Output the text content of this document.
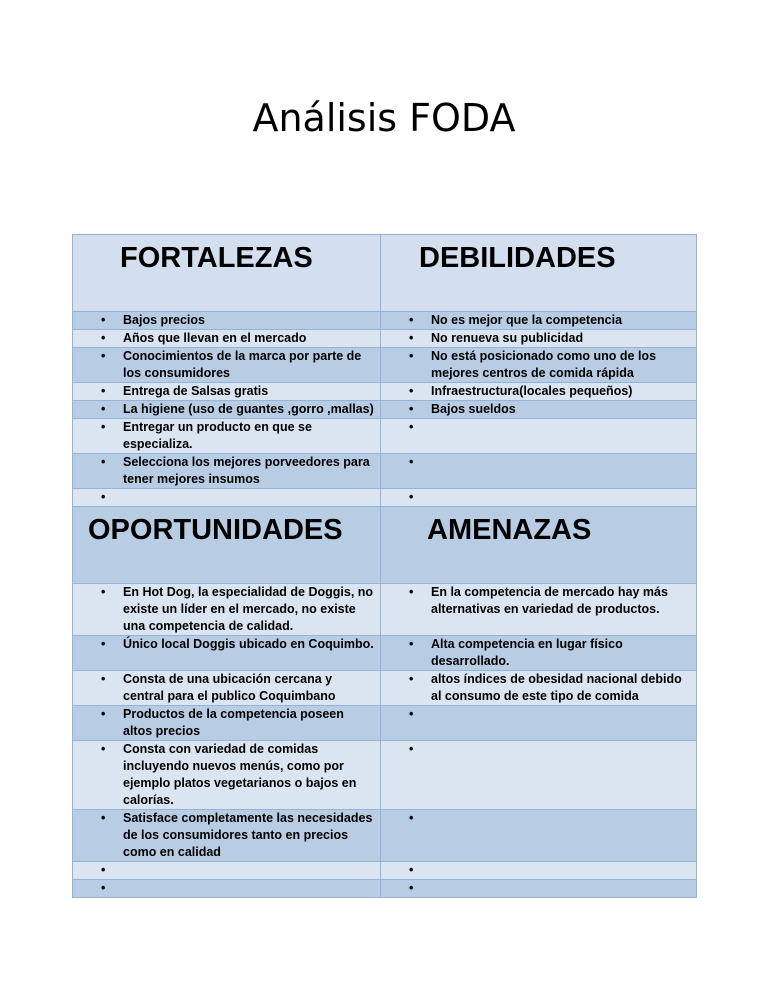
Análisis FODA
FORTALEZAS	DEBILIDADES

• Bajos precios	• No es mejor que la competencia

• Años que llevan en el mercado	• No renueva su publicidad

• Conocimientos de la marca por parte de los consumidores	• No está posicionado como uno de los mejores centros de comida rápida

• Entrega de Salsas gratis	• Infraestructura(locales pequeños)

• La higiene (uso de guantes ,gorro ,mallas)	• Bajos sueldos

• Entregar un producto en que se especializa.	•

• Selecciona los mejores porveedores para tener mejores insumos	•

•	•

OPORTUNIDADES	AMENAZAS

• En Hot Dog, la especialidad de Doggis, no existe un líder en el mercado, no existe una competencia de calidad.	• En la competencia de mercado hay más alternativas en variedad de productos.

• Único local Doggis ubicado en Coquimbo.	• Alta competencia en lugar físico desarrollado.

• Consta de una ubicación cercana y central para el publico Coquimbano	• altos índices de obesidad nacional debido al consumo de este tipo de comida

• Productos de la competencia poseen altos precios	•

• Consta con variedad de comidas incluyendo nuevos menús, como por ejemplo platos vegetarianos o bajos en calorías.	•

• Satisface completamente las necesidades de los consumidores tanto en precios como en calidad	•

•	•

•	•
